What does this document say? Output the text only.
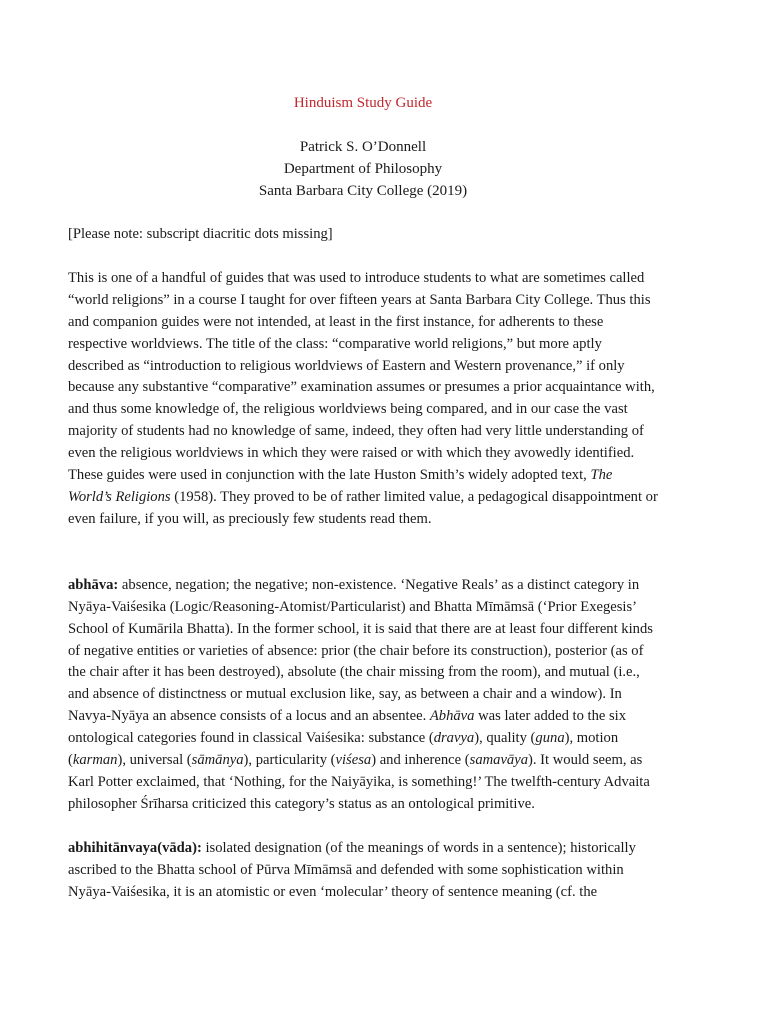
Hinduism Study Guide
Patrick S. O’Donnell
Department of Philosophy
Santa Barbara City College (2019)

[Please note: subscript diacritic dots missing]

This is one of a handful of guides that was used to introduce students to what are sometimes called “world religions” in a course I taught for over fifteen years at Santa Barbara City College. Thus this and companion guides were not intended, at least in the first instance, for adherents to these respective worldviews. The title of the class: “comparative world religions,” but more aptly described as “introduction to religious worldviews of Eastern and Western provenance,” if only because any substantive “comparative” examination assumes or presumes a prior acquaintance with, and thus some knowledge of, the religious worldviews being compared, and in our case the vast majority of students had no knowledge of same, indeed, they often had very little understanding of even the religious worldviews in which they were raised or with which they avowedly identified. These guides were used in conjunction with the late Huston Smith’s widely adopted text, The World’s Religions (1958). They proved to be of rather limited value, a pedagogical disappointment or even failure, if you will, as preciously few students read them.

abhāva: absence, negation; the negative; non-existence. ‘Negative Reals’ as a distinct category in Nyāya-Vaiśesika (Logic/Reasoning-Atomist/Particularist) and Bhatta Mīmāmsā (‘Prior Exegesis’ School of Kumārila Bhatta). In the former school, it is said that there are at least four different kinds of negative entities or varieties of absence: prior (the chair before its construction), posterior (as of the chair after it has been destroyed), absolute (the chair missing from the room), and mutual (i.e., and absence of distinctness or mutual exclusion like, say, as between a chair and a window). In Navya-Nyāya an absence consists of a locus and an absentee. Abhāva was later added to the six ontological categories found in classical Vaiśesika: substance (dravya), quality (guna), motion (karman), universal (sāmānya), particularity (viśesa) and inherence (samavāya). It would seem, as Karl Potter exclaimed, that ‘Nothing, for the Naiyāyika, is something!’ The twelfth-century Advaita philosopher Śrīharsa criticized this category’s status as an ontological primitive.

abhihitānvaya(vāda): isolated designation (of the meanings of words in a sentence); historically ascribed to the Bhatta school of Pūrva Mīmāmsā and defended with some sophistication within Nyāya-Vaiśesika, it is an atomistic or even ‘molecular’ theory of sentence meaning (cf. the
